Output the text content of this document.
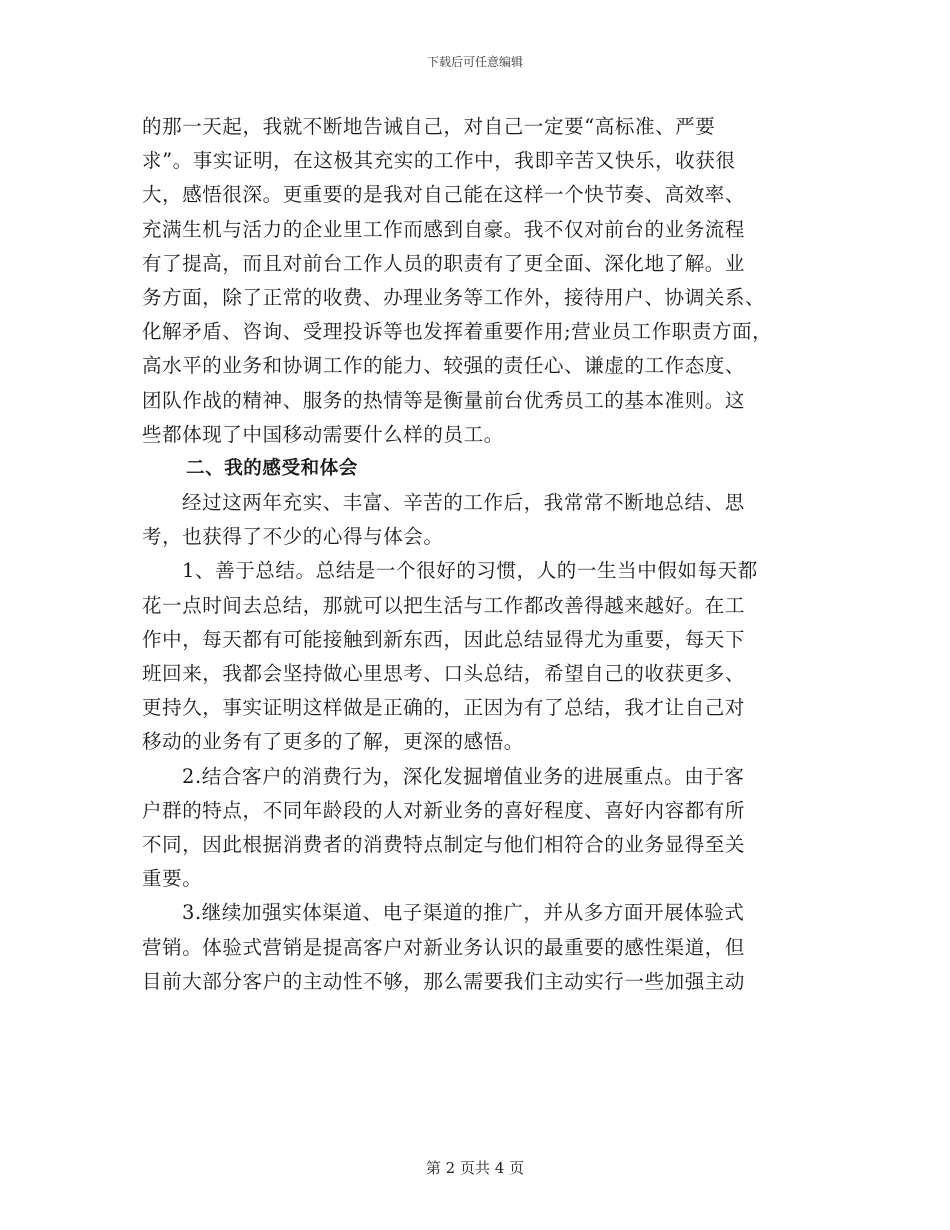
下载后可任意编辑
的那一天起，我就不断地告诫自己，对自己一定要“高标准、严要
求”。事实证明，在这极其充实的工作中，我即辛苦又快乐，收获很
大，感悟很深。更重要的是我对自己能在这样一个快节奏、高效率、
充满生机与活力的企业里工作而感到自豪。我不仅对前台的业务流程
有了提高，而且对前台工作人员的职责有了更全面、深化地了解。业
务方面，除了正常的收费、办理业务等工作外，接待用户、协调关系、
化解矛盾、咨询、受理投诉等也发挥着重要作用;营业员工作职责方面，
高水平的业务和协调工作的能力、较强的责任心、谦虚的工作态度、
团队作战的精神、服务的热情等是衡量前台优秀员工的基本准则。这
些都体现了中国移动需要什么样的员工。
二、我的感受和体会
经过这两年充实、丰富、辛苦的工作后，我常常不断地总结、思
考，也获得了不少的心得与体会。
1、善于总结。总结是一个很好的习惯，人的一生当中假如每天都
花一点时间去总结，那就可以把生活与工作都改善得越来越好。在工
作中，每天都有可能接触到新东西，因此总结显得尤为重要，每天下
班回来，我都会坚持做心里思考、口头总结，希望自己的收获更多、
更持久，事实证明这样做是正确的，正因为有了总结，我才让自己对
移动的业务有了更多的了解，更深的感悟。
2.结合客户的消费行为，深化发掘增值业务的进展重点。由于客
户群的特点，不同年龄段的人对新业务的喜好程度、喜好内容都有所
不同，因此根据消费者的消费特点制定与他们相符合的业务显得至关
重要。
3.继续加强实体渠道、电子渠道的推广，并从多方面开展体验式
营销。体验式营销是提高客户对新业务认识的最重要的感性渠道，但
目前大部分客户的主动性不够，那么需要我们主动实行一些加强主动
第 2 页共 4 页
